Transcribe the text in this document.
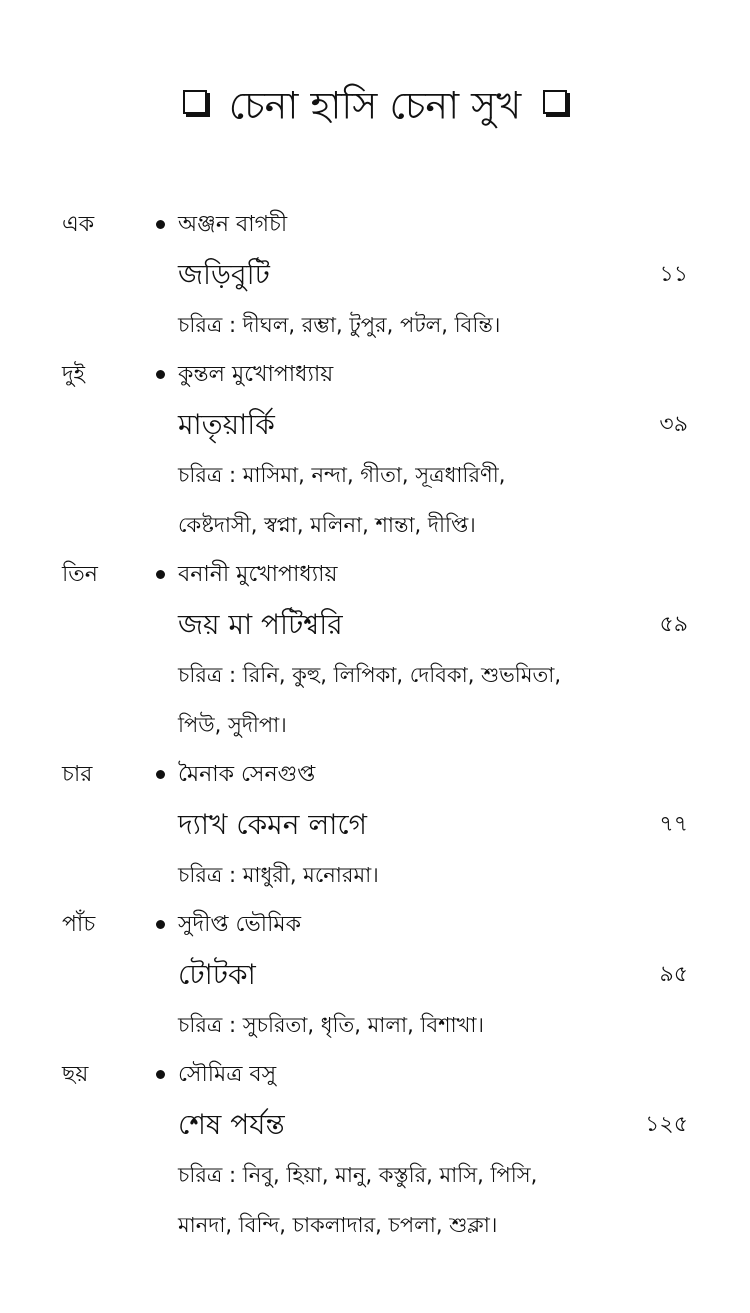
চেনা হাসি চেনা সুখ
এক	অঞ্জন বাগচী
জড়িবুটি	১১
চরিত্র : দীঘল, রম্ভা, টুপুর, পটল, বিন্তি।
দুই	কুন্তল মুখোপাধ্যায়
মাতৃয়ার্কি	৩৯
চরিত্র : মাসিমা, নন্দা, গীতা, সূত্রধারিণী,
কেষ্টদাসী, স্বপ্না, মলিনা, শান্তা, দীপ্তি।
তিন	বনানী মুখোপাধ্যায়
জয় মা পটিশ্বরি	৫৯
চরিত্র : রিনি, কুহু, লিপিকা, দেবিকা, শুভমিতা,
পিউ, সুদীপা।
চার	মৈনাক সেনগুপ্ত
দ্যাখ কেমন লাগে	৭৭
চরিত্র : মাধুরী, মনোরমা।
পাঁচ	সুদীপ্ত ভৌমিক
টোটকা	৯৫
চরিত্র : সুচরিতা, ধৃতি, মালা, বিশাখা।
ছয়	সৌমিত্র বসু
শেষ পর্যন্ত	১২৫
চরিত্র : নিবু, হিয়া, মানু, কস্তুরি, মাসি, পিসি,
মানদা, বিন্দি, চাকলাদার, চপলা, শুক্লা।
